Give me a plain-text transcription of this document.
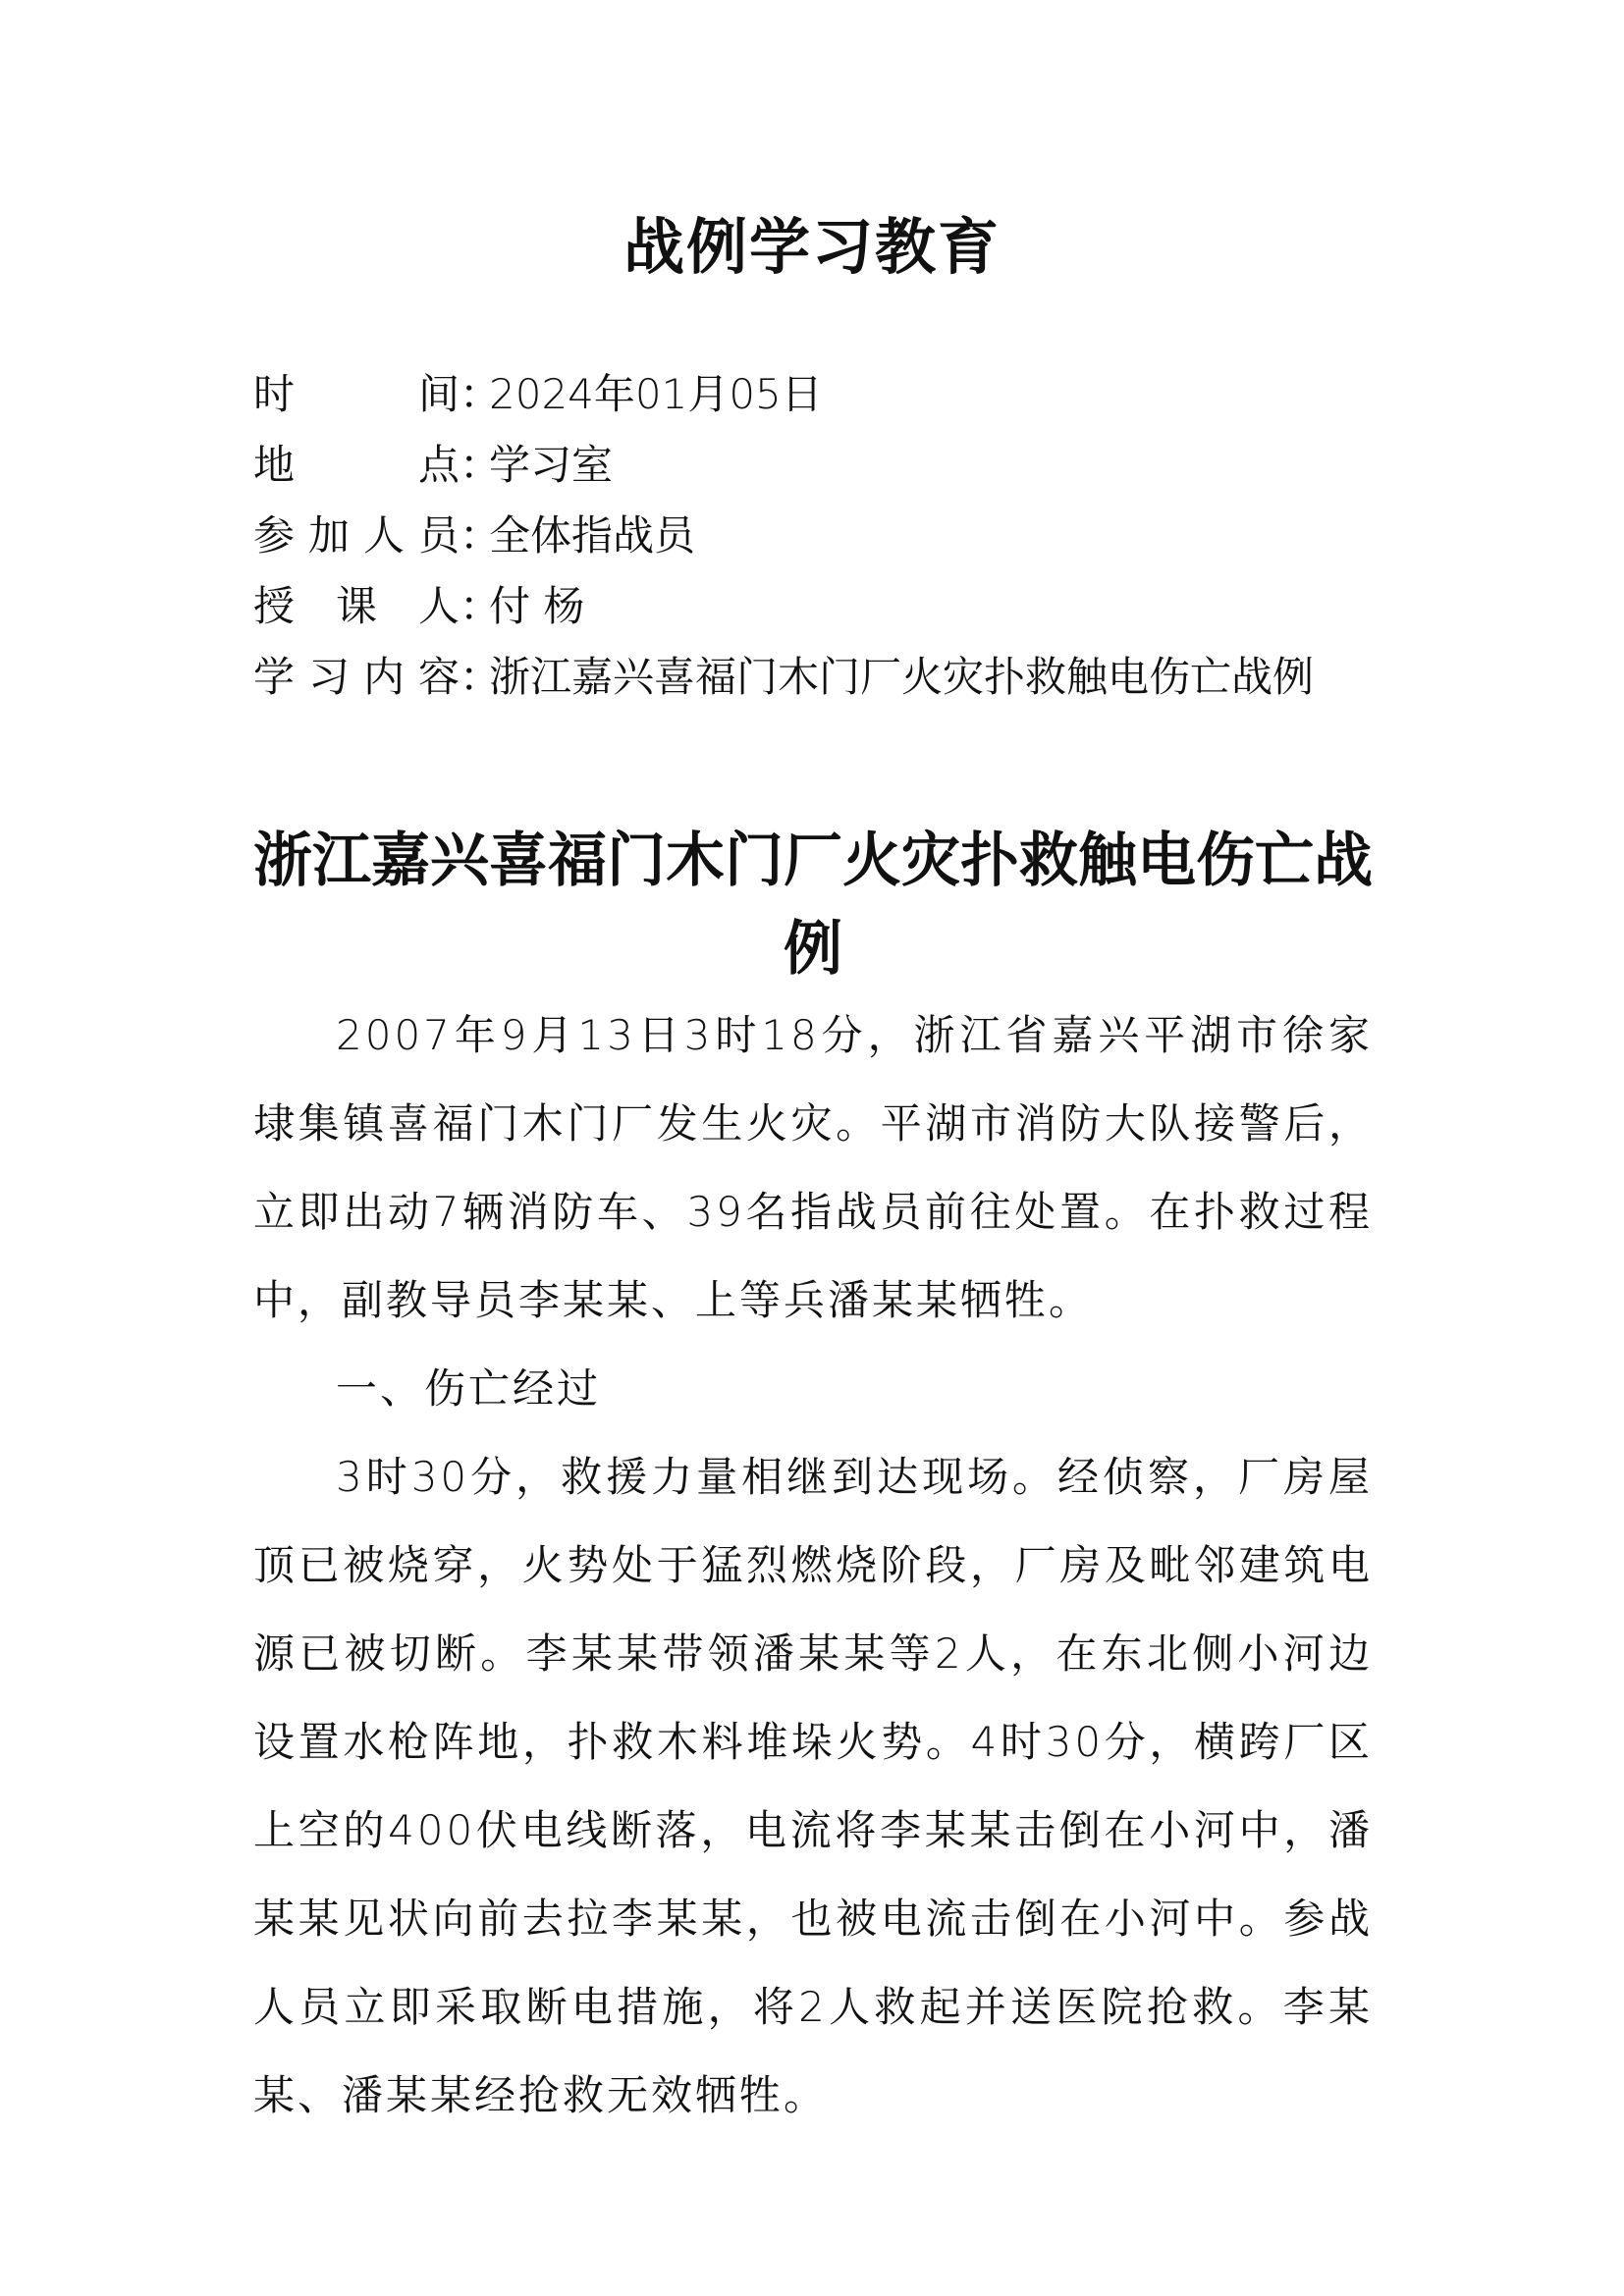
战例学习教育
时 间 ：
2024年01月05日
地 点 ：
学习室
参加人员 ：
全体指战员
授 课 人 ：
付 杨
学习内容 ：
浙江嘉兴喜福门木门厂火灾扑救触电伤亡战例
浙江嘉兴喜福门木门厂火灾扑救触电伤亡战例

2007年9月13日3时18分，浙江省嘉兴平湖市徐家埭集镇喜福门木门厂发生火灾。平湖市消防大队接警后，立即出动7辆消防车、39名指战员前往处置。在扑救过程中，副教导员李某某、上等兵潘某某牺牲。

一、伤亡经过

3时30分，救援力量相继到达现场。经侦察，厂房屋顶已被烧穿，火势处于猛烈燃烧阶段，厂房及毗邻建筑电源已被切断。李某某带领潘某某等2人，在东北侧小河边设置水枪阵地，扑救木料堆垛火势。4时30分，横跨厂区上空的400伏电线断落，电流将李某某击倒在小河中，潘某某见状向前去拉李某某，也被电流击倒在小河中。参战人员立即采取断电措施，将2人救起并送医院抢救。李某某、潘某某经抢救无效牺牲。
